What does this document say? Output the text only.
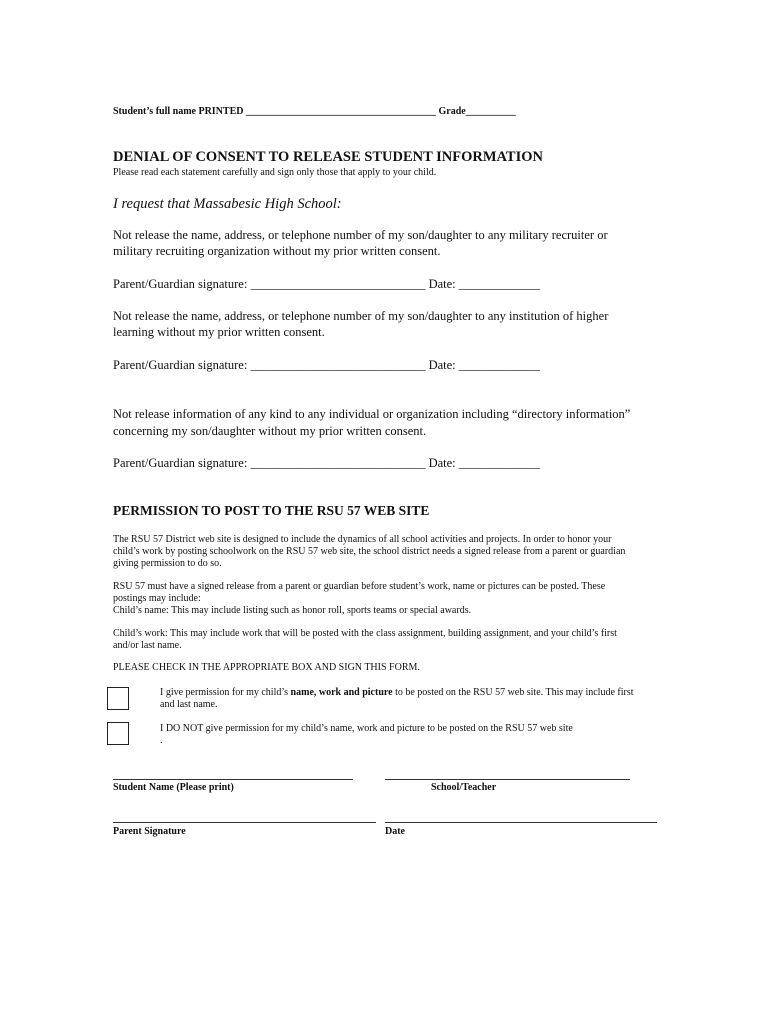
Student’s full name PRINTED ______________________________________ Grade__________
DENIAL OF CONSENT TO RELEASE STUDENT INFORMATION
Please read each statement carefully and sign only those that apply to your child.
I request that Massabesic High School:
Not release the name, address, or telephone number of my son/daughter to any military recruiter or
military recruiting organization without my prior written consent.
Parent/Guardian signature: ____________________________ Date: _____________
Not release the name, address, or telephone number of my son/daughter to any institution of higher
learning without my prior written consent.
Parent/Guardian signature: ____________________________ Date: _____________
Not release information of any kind to any individual or organization including “directory information”
concerning my son/daughter without my prior written consent.
Parent/Guardian signature: ____________________________ Date: _____________
PERMISSION TO POST TO THE RSU 57 WEB SITE
The RSU 57 District web site is designed to include the dynamics of all school activities and projects. In order to honor your
child’s work by posting schoolwork on the RSU 57 web site, the school district needs a signed release from a parent or guardian
giving permission to do so.
RSU 57 must have a signed release from a parent or guardian before student’s work, name or pictures can be posted. These
postings may include:
Child’s name: This may include listing such as honor roll, sports teams or special awards.
Child’s work: This may include work that will be posted with the class assignment, building assignment, and your child’s first
and/or last name.
PLEASE CHECK IN THE APPROPRIATE BOX AND SIGN THIS FORM.
I give permission for my child’s name, work and picture to be posted on the RSU 57 web site. This may include first
and last name.
I DO NOT give permission for my child’s name, work and picture to be posted on the RSU 57 web site
.
Student Name (Please print)	School/Teacher
Parent Signature	Date
